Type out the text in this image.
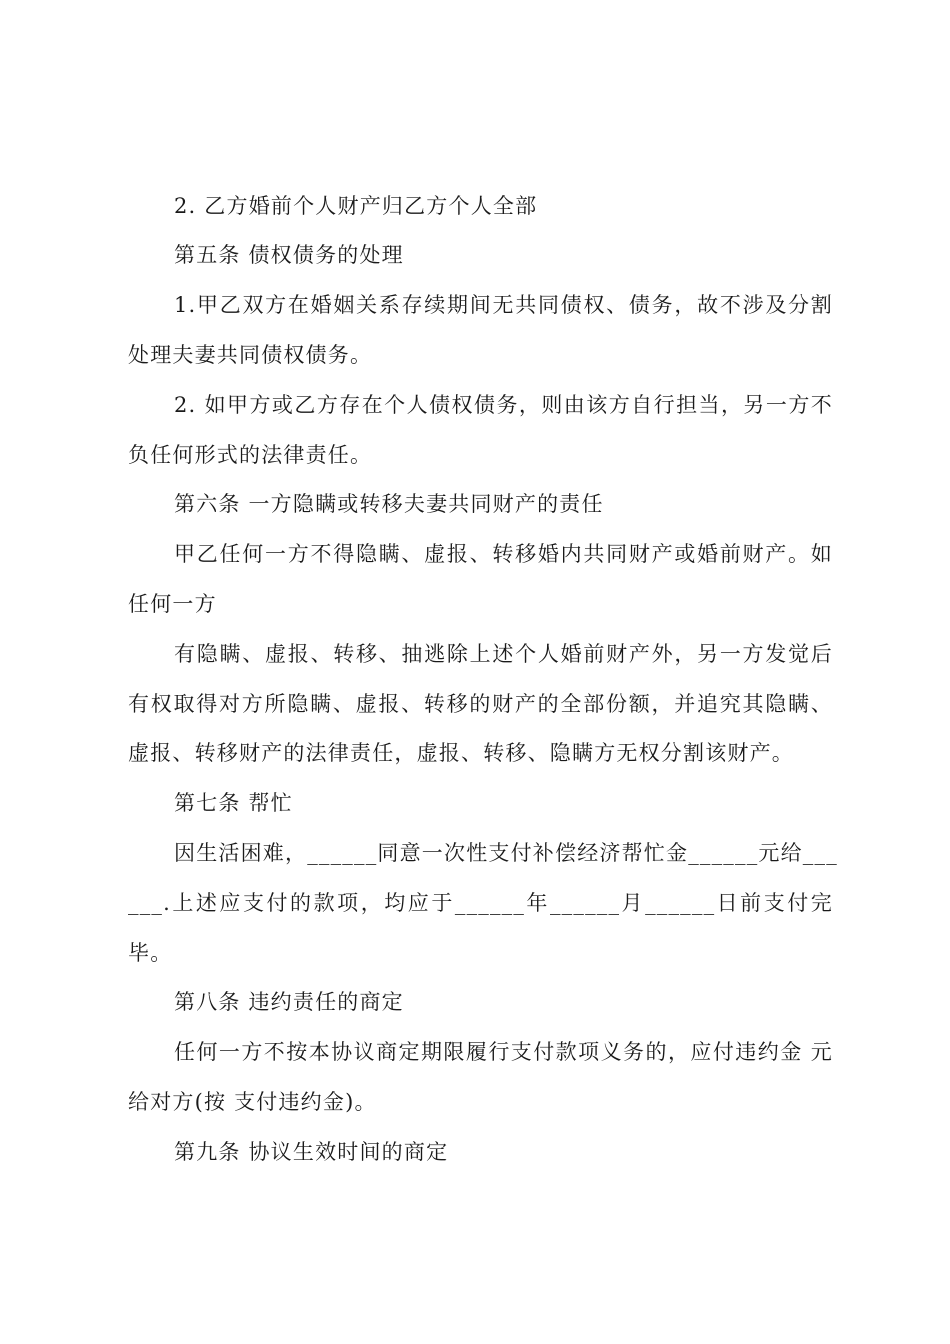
2. 乙方婚前个人财产归乙方个人全部
第五条 债权债务的处理
1.甲乙双方在婚姻关系存续期间无共同债权、债务，故不涉及分割
处理夫妻共同债权债务。
2. 如甲方或乙方存在个人债权债务，则由该方自行担当，另一方不
负任何形式的法律责任。
第六条 一方隐瞒或转移夫妻共同财产的责任
甲乙任何一方不得隐瞒、虚报、转移婚内共同财产或婚前财产。如
任何一方
有隐瞒、虚报、转移、抽逃除上述个人婚前财产外，另一方发觉后
有权取得对方所隐瞒、虚报、转移的财产的全部份额，并追究其隐瞒、
虚报、转移财产的法律责任，虚报、转移、隐瞒方无权分割该财产。
第七条 帮忙
因生活困难，______同意一次性支付补偿经济帮忙金______元给___
___.上述应支付的款项，均应于______年______月______日前支付完
毕。
第八条 违约责任的商定
任何一方不按本协议商定期限履行支付款项义务的，应付违约金 元
给对方(按 支付违约金)。
第九条 协议生效时间的商定
